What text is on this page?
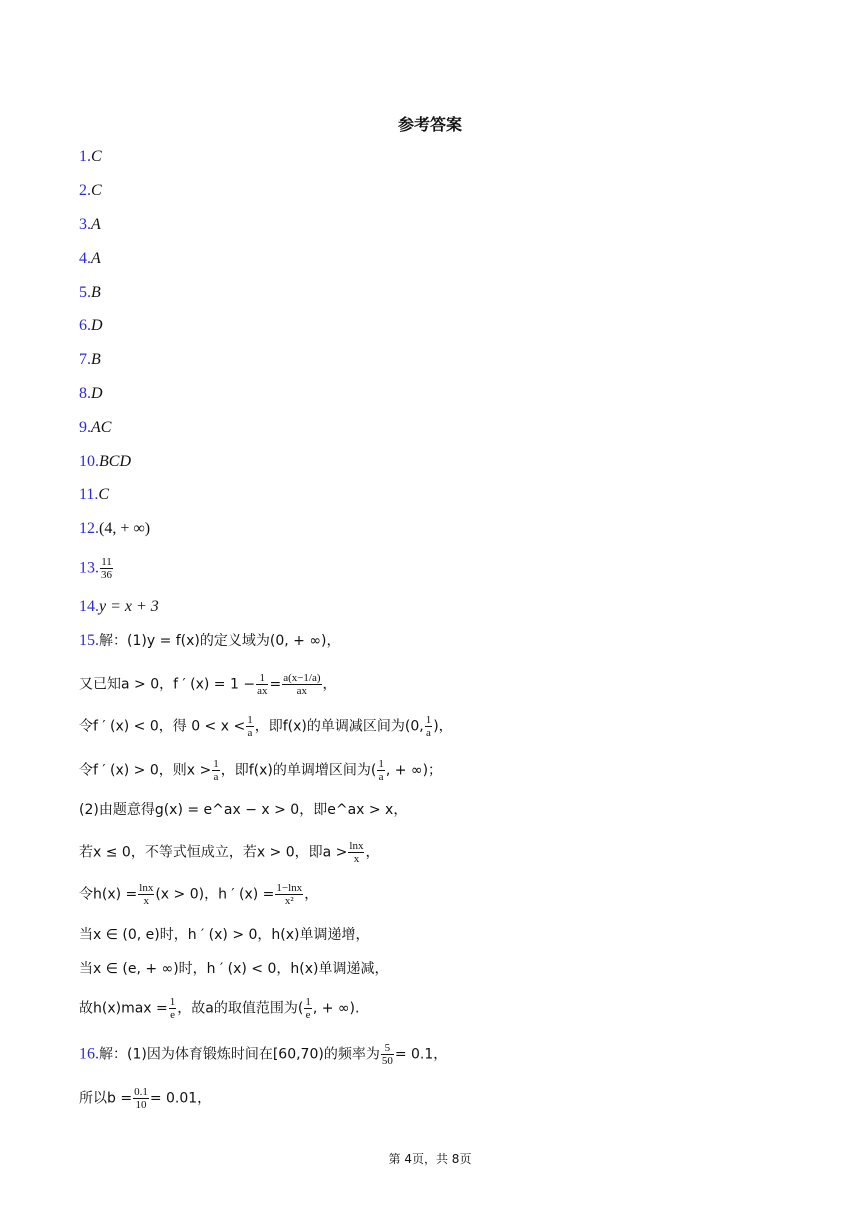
参考答案
1.C
2.C
3.A
4.A
5.B
6.D
7.B
8.D
9.AC
10.BCD
11.C
12.(4, + ∞)
13. $\frac{11}{36}$
14.y = x + 3
15.解：(1)y = f(x)的定义域为(0, + ∞)，
又已知a > 0，f ′ $(x) = 1 - \frac{1}{ax} = \frac{a(x-1/a)}{ax}$ ，
令f ′ (x) < 0，得 $0 < x < \frac{1}{a}$ ，即f(x)的单调减区间为(0, $\frac{1}{a}$ )，
令f ′ (x) > 0，则$x > \frac{1}{a}$ ，即f(x)的单调增区间为( $\frac{1}{a}$ , + ∞)；
(2)由题意得g(x) = e^ax − x > 0，即e^ax > x，
若x ≤ 0，不等式恒成立，若x > 0，即$a > \frac{\ln x}{x}$ ，
令$h(x) = \frac{\ln x}{x} (x > 0)$，h ′ $(x) = \frac{1-\ln x}{\text{x²}}$ ，
当x ∈ (0, e)时，h ′ (x) > 0，h(x)单调递增，
当x ∈ (e, + ∞)时，h ′ (x) < 0，h(x)单调递减，
故$h(x)\max = \frac{1}{e}$ ，故a的取值范围为( $\frac{1}{e}$ , + ∞).
16.解：(1)因为体育锻炼时间在[60,70)的频率为 $\frac{5}{50} = 0.1$，
所以$b = \frac{0.1}{10} = 0.01$，
第 4页，共 8页
